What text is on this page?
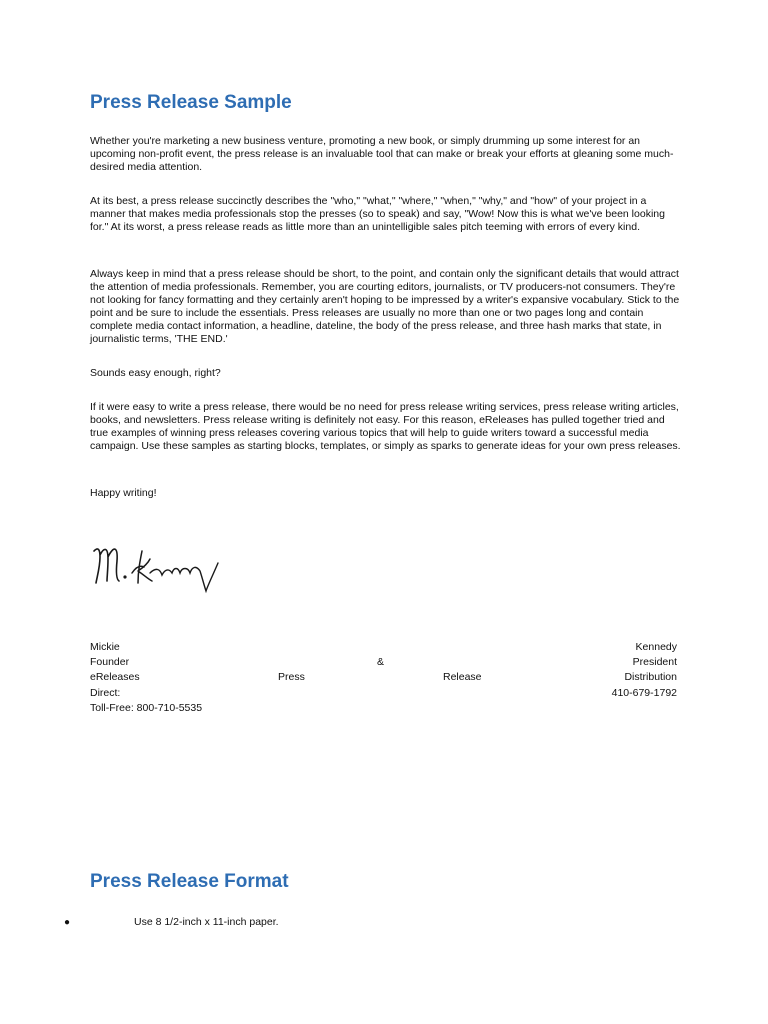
Press Release Sample

Whether you're marketing a new business venture, promoting a new book, or simply drumming up some interest for an upcoming non-profit event, the press release is an invaluable tool that can make or break your efforts at gleaning some much-desired media attention.

At its best, a press release succinctly describes the "who," "what," "where," "when," "why," and "how" of your project in a manner that makes media professionals stop the presses (so to speak) and say, "Wow! Now this is what we've been looking for." At its worst, a press release reads as little more than an unintelligible sales pitch teeming with errors of every kind.

Always keep in mind that a press release should be short, to the point, and contain only the significant details that would attract the attention of media professionals. Remember, you are courting editors, journalists, or TV producers-not consumers. They're not looking for fancy formatting and they certainly aren't hoping to be impressed by a writer's expansive vocabulary. Stick to the point and be sure to include the essentials. Press releases are usually no more than one or two pages long and contain complete media contact information, a headline, dateline, the body of the press release, and three hash marks that state, in journalistic terms, 'THE END.'

Sounds easy enough, right?

If it were easy to write a press release, there would be no need for press release writing services, press release writing articles, books, and newsletters. Press release writing is definitely not easy. For this reason, eReleases has pulled together tried and true examples of winning press releases covering various topics that will help to guide writers toward a successful media campaign. Use these samples as starting blocks, templates, or simply as sparks to generate ideas for your own press releases.

Happy writing!

Mickie	Kennedy
Founder	&	President
eReleases	Press	Release	Distribution
Direct:	410-679-1792
Toll-Free: 800-710-5535
Press Release Format
●	Use 8 1/2-inch x 11-inch paper.
